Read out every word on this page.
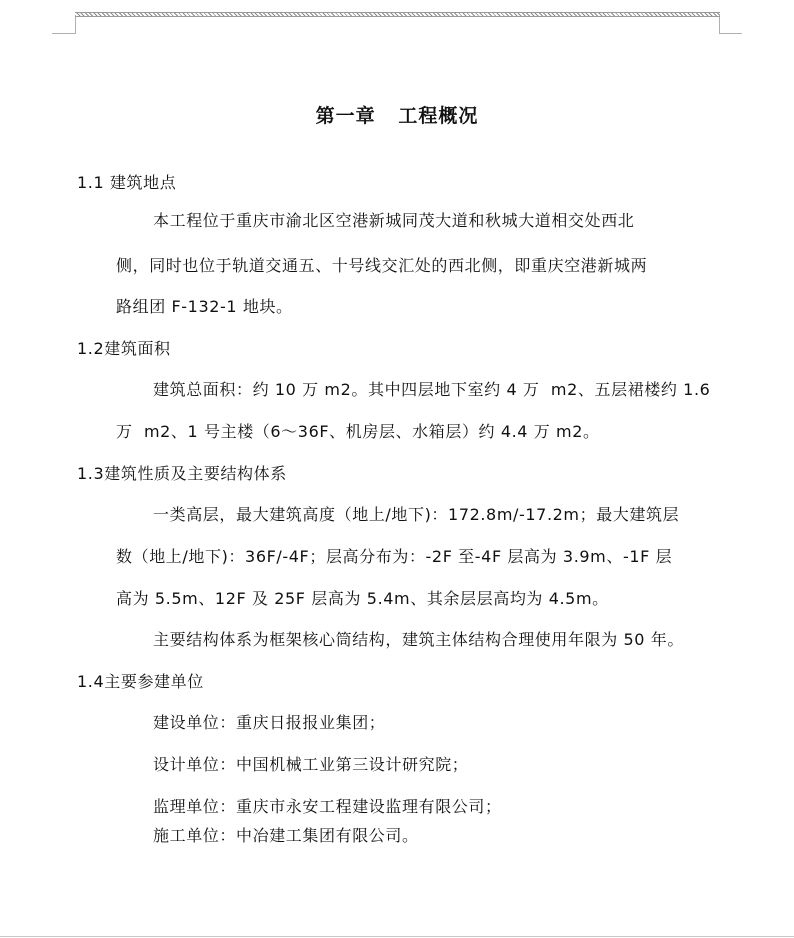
第一章   工程概况
1.1 建筑地点
本工程位于重庆市渝北区空港新城同茂大道和秋城大道相交处西北
侧，同时也位于轨道交通五、十号线交汇处的西北侧，即重庆空港新城两
路组团 F-132-1 地块。
1.2建筑面积
建筑总面积：约 10 万 m2。其中四层地下室约 4 万  m2、五层裙楼约 1.6
万  m2、1 号主楼（6～36F、机房层、水箱层）约 4.4 万 m2。
1.3建筑性质及主要结构体系
一类高层，最大建筑高度（地上/地下)：172.8m/-17.2m；最大建筑层
数（地上/地下)：36F/-4F；层高分布为：-2F 至-4F 层高为 3.9m、-1F 层
高为 5.5m、12F 及 25F 层高为 5.4m、其余层层高均为 4.5m。
主要结构体系为框架核心筒结构，建筑主体结构合理使用年限为 50 年。
1.4主要参建单位
建设单位：重庆日报报业集团；
设计单位：中国机械工业第三设计研究院；
监理单位：重庆市永安工程建设监理有限公司；
施工单位：中冶建工集团有限公司。
